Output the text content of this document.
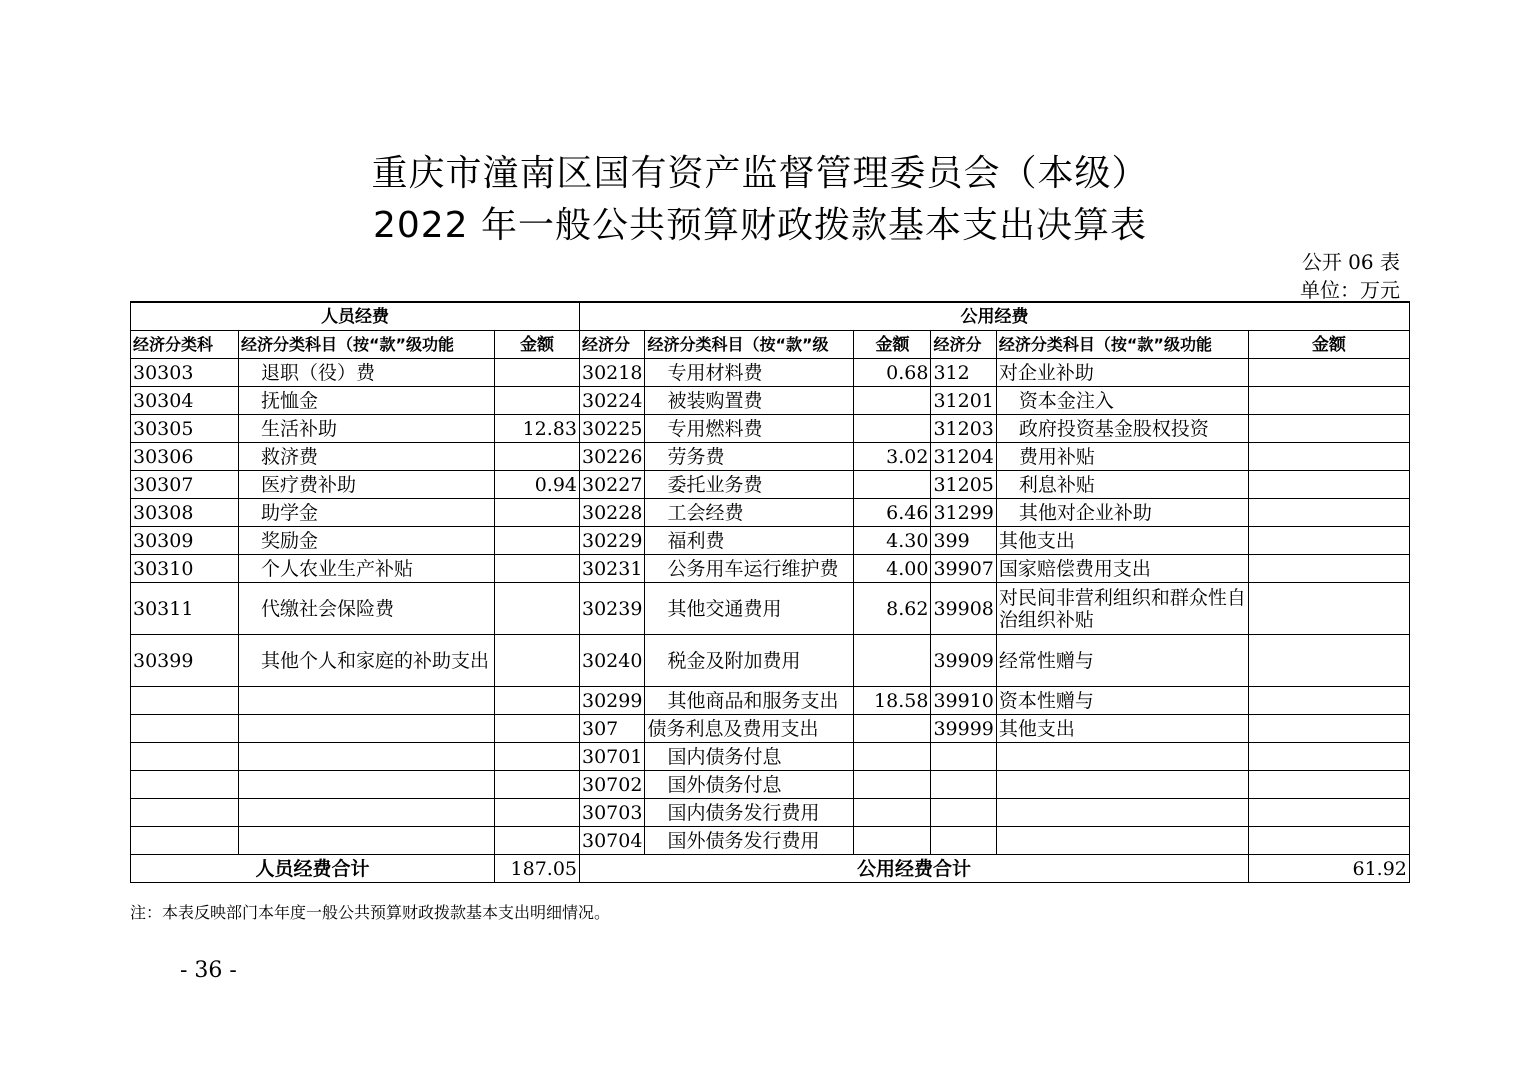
重庆市潼南区国有资产监督管理委员会（本级）
2022 年一般公共预算财政拨款基本支出决算表
公开 06 表
单位：万元
人员经费			公用经费					
经济分类科	经济分类科目（按“款”级功能	金额	经济分	经济分类科目（按“款”级	金额	经济分	经济分类科目（按“款”级功能	金额
30303	退职（役）费		30218	专用材料费	0.68	312	对企业补助	
30304	抚恤金		30224	被装购置费		31201	资本金注入	
30305	生活补助	12.83	30225	专用燃料费		31203	政府投资基金股权投资	
30306	救济费		30226	劳务费	3.02	31204	费用补贴	
30307	医疗费补助	0.94	30227	委托业务费		31205	利息补贴	
30308	助学金		30228	工会经费	6.46	31299	其他对企业补助	
30309	奖励金		30229	福利费	4.30	399	其他支出	
30310	个人农业生产补贴		30231	公务用车运行维护费	4.00	39907	国家赔偿费用支出	
30311	代缴社会保险费		30239	其他交通费用	8.62	39908	对民间非营利组织和群众性自治组织补贴	
30399	其他个人和家庭的补助支出		30240	税金及附加费用		39909	经常性赠与	
			30299	其他商品和服务支出	18.58	39910	资本性赠与	
			307	债务利息及费用支出		39999	其他支出	
			30701	国内债务付息				
			30702	国外债务付息				
			30703	国内债务发行费用				
			30704	国外债务发行费用				
人员经费合计		187.05	公用经费合计					61.92
注：本表反映部门本年度一般公共预算财政拨款基本支出明细情况。
- 36 -
